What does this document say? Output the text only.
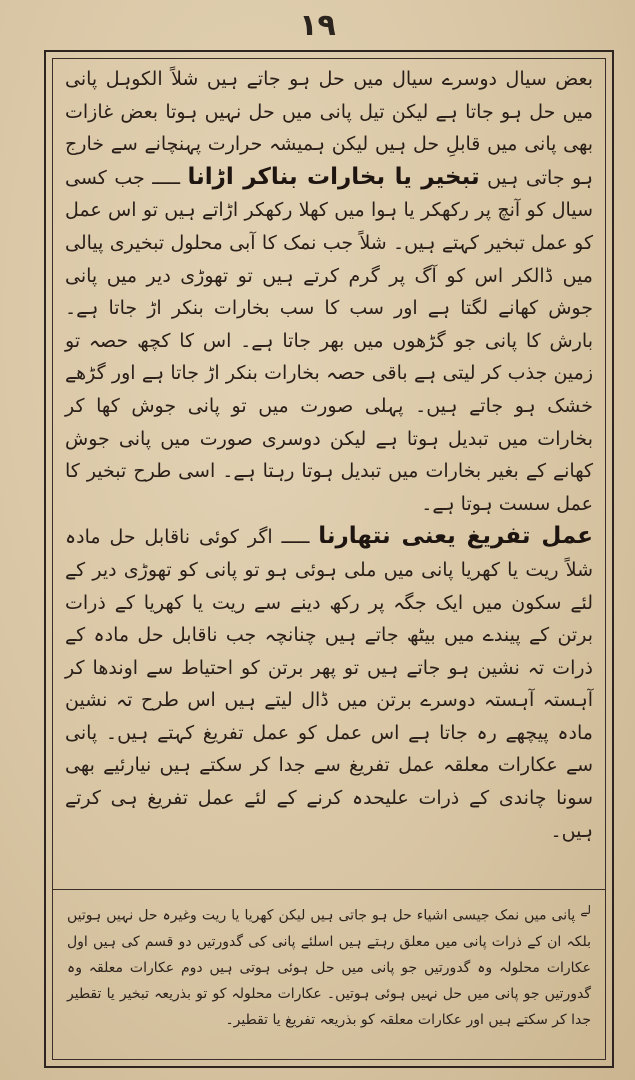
۱۹

بعض سیال دوسرے سیال میں حل ہو جاتے ہیں شلاً الکوہل پانی میں حل ہو جاتا ہے لیکن تیل پانی میں حل نہیں ہوتا بعض غازات بھی پانی میں قابلِ حل ہیں لیکن ہمیشہ حرارت پہنچانے سے خارج ہو جاتی ہیں تبخیر یا بخارات بناکر اڑانا ـــــ جب کسی سیال کو آنچ پر رکھکر یا ہوا میں کھلا رکھکر اڑاتے ہیں تو اس عمل کو عمل تبخیر کہتے ہیں۔ شلاً جب نمک کا آبی محلول تبخیری پیالی میں ڈالکر اس کو آگ پر گرم کرتے ہیں تو تھوڑی دیر میں پانی جوش کھانے لگتا ہے اور سب کا سب بخارات بنکر اڑ جاتا ہے۔ بارش کا پانی جو گڑھوں میں بھر جاتا ہے۔ اس کا کچھ حصہ تو زمین جذب کر لیتی ہے باقی حصہ بخارات بنکر اڑ جاتا ہے اور گڑھے خشک ہو جاتے ہیں۔ پہلی صورت میں تو پانی جوش کھا کر بخارات میں تبدیل ہوتا ہے لیکن دوسری صورت میں پانی جوش کھانے کے بغیر بخارات میں تبدیل ہوتا رہتا ہے۔ اسی طرح تبخیر کا عمل سست ہوتا ہے۔

عمل تفریغ یعنی نتھارنا ـــــ اگر کوئی ناقابل حل مادہ شلاً ریت یا کھریا پانی میں ملی ہوئی ہو تو پانی کو تھوڑی دیر کے لئے سکون میں ایک جگہ پر رکھ دینے سے ریت یا کھریا کے ذرات برتن کے پیندے میں بیٹھ جاتے ہیں چنانچہ جب ناقابل حل مادہ کے ذرات تہ نشین ہو جاتے ہیں تو پھر برتن کو احتیاط سے اوندھا کر آہستہ آہستہ دوسرے برتن میں ڈال لیتے ہیں اس طرح تہ نشین مادہ پیچھے رہ جاتا ہے اس عمل کو عمل تفریغ کہتے ہیں۔ پانی سے عکارات معلقہ عمل تفریغ سے جدا کر سکتے ہیں نیارئیے بھی سونا چاندی کے ذرات علیحدہ کرنے کے لئے عمل تفریغ ہی کرتے ہیں۔

لے پانی میں نمک جیسی اشیاء حل ہو جاتی ہیں لیکن کھریا یا ریت وغیرہ حل نہیں ہوتیں بلکہ ان کے ذرات پانی میں معلق رہتے ہیں اسلئے پانی کی گدورتیں دو قسم کی ہیں اول عکارات محلولہ وہ گدورتیں جو پانی میں حل ہوئی ہوتی ہیں دوم عکارات معلقہ وہ گدورتیں جو پانی میں حل نہیں ہوئی ہوتیں۔ عکارات محلولہ کو تو بذریعہ تبخیر یا تقطیر جدا کر سکتے ہیں اور عکارات معلقہ کو بذریعہ تفریغ یا تقطیر۔
